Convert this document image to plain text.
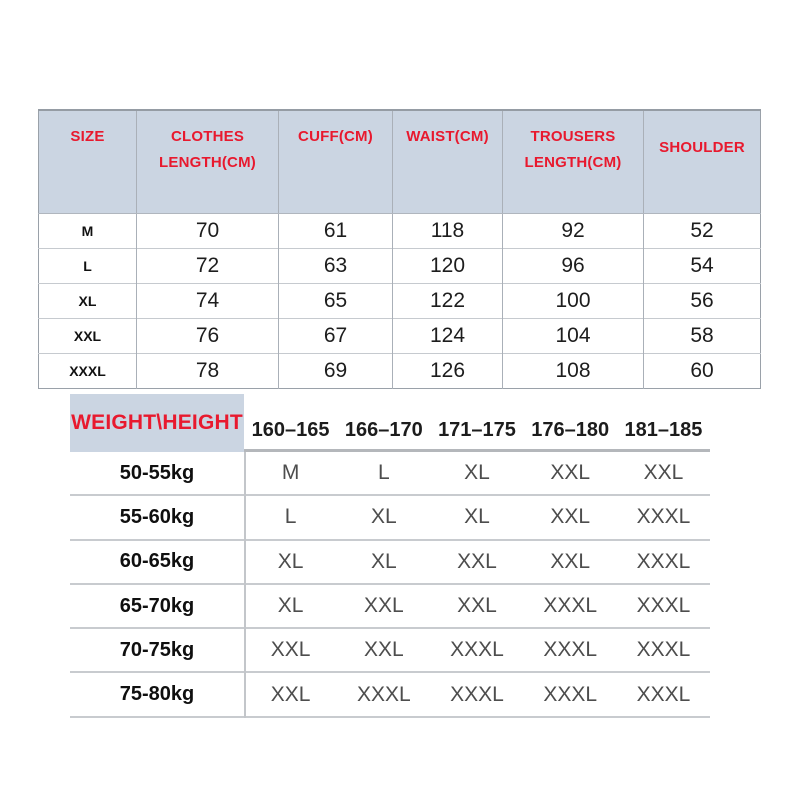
SIZE	CLOTHES LENGTH(CM)	CUFF(CM)	WAIST(CM)	TROUSERS LENGTH(CM)	SHOULDER
M	70	61	118	92	52
L	72	63	120	96	54
XL	74	65	122	100	56
XXL	76	67	124	104	58
XXXL	78	69	126	108	60
WEIGHT\HEIGHT 160–165 166–170 171–175 176–180 181–185
50-55kg	M	L	XL	XXL	XXL
55-60kg	L	XL	XL	XXL	XXXL
60-65kg	XL	XL	XXL	XXL	XXXL
65-70kg	XL	XXL	XXL	XXXL	XXXL
70-75kg	XXL	XXL	XXXL	XXXL	XXXL
75-80kg	XXL	XXXL	XXXL	XXXL	XXXL
